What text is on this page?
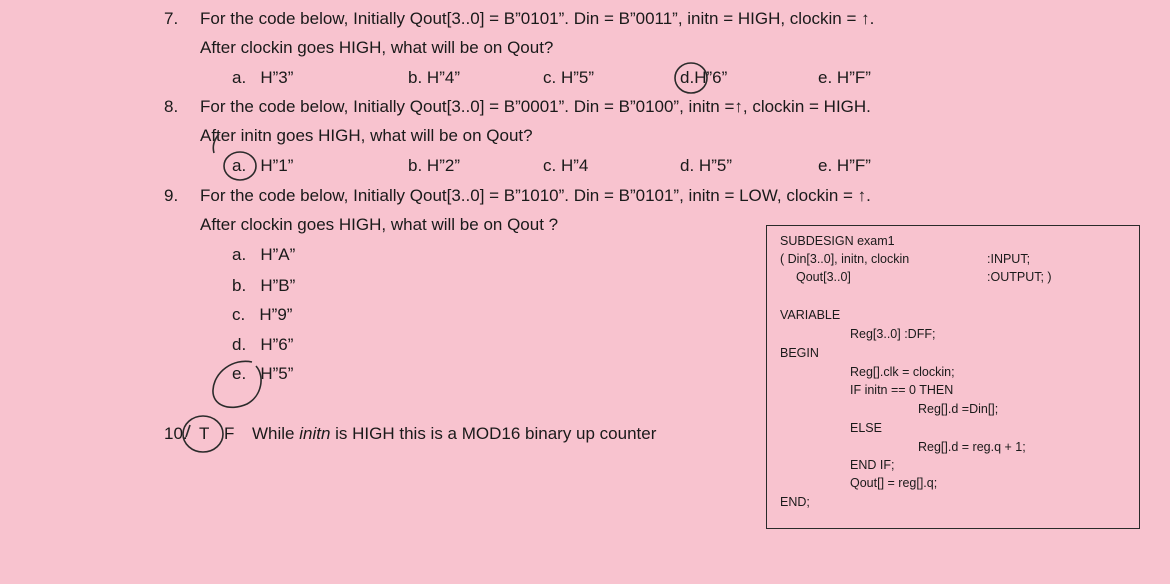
7. For the code below, Initially Qout[3..0] = B”0101”. Din = B”0011”, initn = HIGH, clockin = ↑.
After clockin goes HIGH, what will be on Qout?
a. H”3”	b. H”4”	c. H”5”	d.H”6”	e. H”F”
8. For the code below, Initially Qout[3..0] = B”0001”. Din = B”0100”, initn =↑, clockin = HIGH.
After initn goes HIGH, what will be on Qout?
a. H”1”	b. H”2”	c. H”4	d. H”5”	e. H”F”
9. For the code below, Initially Qout[3..0] = B”1010”. Din = B”0101”, initn = LOW, clockin = ↑.
After clockin goes HIGH, what will be on Qout ?
a. H”A”
b. H”B”
c. H”9”
d. H”6”
e. H”5”
10. T F While initn is HIGH this is a MOD16 binary up counter
SUBDESIGN exam1
( Din[3..0], initn, clockin	:INPUT;
Qout[3..0]	:OUTPUT; )
VARIABLE
Reg[3..0] :DFF;
BEGIN
Reg[].clk = clockin;
IF initn == 0 THEN
Reg[].d =Din[];
ELSE
Reg[].d = reg.q + 1;
END IF;
Qout[] = reg[].q;
END;
